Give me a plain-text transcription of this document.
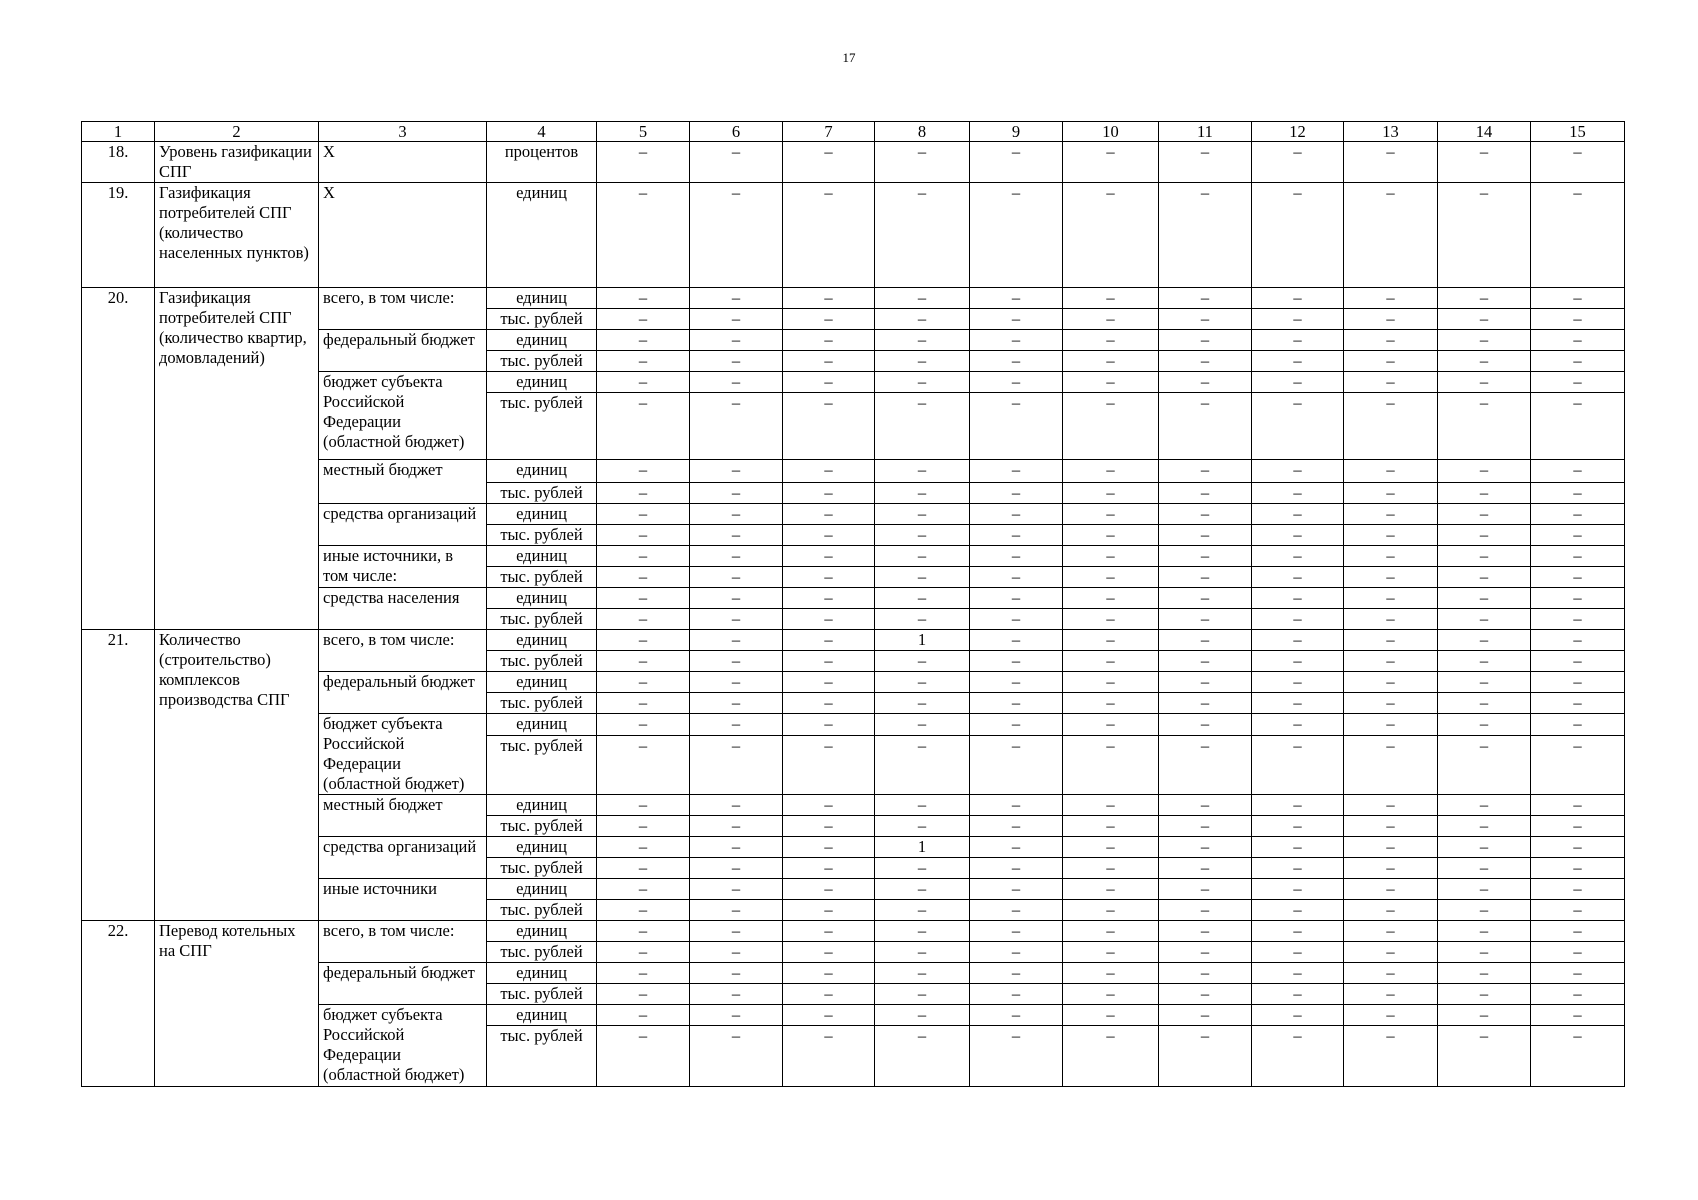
17
1	2	3	4	5	6	7	8	9	10	11	12	13	14	15
18.	Уровень газификации СПГ	Х	процентов	–	–	–	–	–	–	–	–	–	–	–
19.	Газификация потребителей СПГ (количество населенных пунктов)	Х	единиц	–	–	–	–	–	–	–	–	–	–	–
20.	Газификация потребителей СПГ (количество квартир, домовладений)	всего, в том числе:	единиц	–	–	–	–	–	–	–	–	–	–	–
			тыс. рублей	–	–	–	–	–	–	–	–	–	–	–
		федеральный бюджет	единиц	–	–	–	–	–	–	–	–	–	–	–
			тыс. рублей	–	–	–	–	–	–	–	–	–	–	–
		бюджет субъекта Российской Федерации (областной бюджет)	единиц	–	–	–	–	–	–	–	–	–	–	–
			тыс. рублей	–	–	–	–	–	–	–	–	–	–	–
		местный бюджет	единиц	–	–	–	–	–	–	–	–	–	–	–
			тыс. рублей	–	–	–	–	–	–	–	–	–	–	–
		средства организаций	единиц	–	–	–	–	–	–	–	–	–	–	–
			тыс. рублей	–	–	–	–	–	–	–	–	–	–	–
		иные источники, в том числе:	единиц	–	–	–	–	–	–	–	–	–	–	–
			тыс. рублей	–	–	–	–	–	–	–	–	–	–	–
		средства населения	единиц	–	–	–	–	–	–	–	–	–	–	–
			тыс. рублей	–	–	–	–	–	–	–	–	–	–	–
21.	Количество (строительство) комплексов производства СПГ	всего, в том числе:	единиц	–	–	–	1	–	–	–	–	–	–	–
			тыс. рублей	–	–	–	–	–	–	–	–	–	–	–
		федеральный бюджет	единиц	–	–	–	–	–	–	–	–	–	–	–
			тыс. рублей	–	–	–	–	–	–	–	–	–	–	–
		бюджет субъекта Российской Федерации (областной бюджет)	единиц	–	–	–	–	–	–	–	–	–	–	–
			тыс. рублей	–	–	–	–	–	–	–	–	–	–	–
		местный бюджет	единиц	–	–	–	–	–	–	–	–	–	–	–
			тыс. рублей	–	–	–	–	–	–	–	–	–	–	–
		средства организаций	единиц	–	–	–	1	–	–	–	–	–	–	–
			тыс. рублей	–	–	–	–	–	–	–	–	–	–	–
		иные источники	единиц	–	–	–	–	–	–	–	–	–	–	–
			тыс. рублей	–	–	–	–	–	–	–	–	–	–	–
22.	Перевод котельных на СПГ	всего, в том числе:	единиц	–	–	–	–	–	–	–	–	–	–	–
			тыс. рублей	–	–	–	–	–	–	–	–	–	–	–
		федеральный бюджет	единиц	–	–	–	–	–	–	–	–	–	–	–
			тыс. рублей	–	–	–	–	–	–	–	–	–	–	–
		бюджет субъекта Российской Федерации (областной бюджет)	единиц	–	–	–	–	–	–	–	–	–	–	–
			тыс. рублей	–	–	–	–	–	–	–	–	–	–	–
